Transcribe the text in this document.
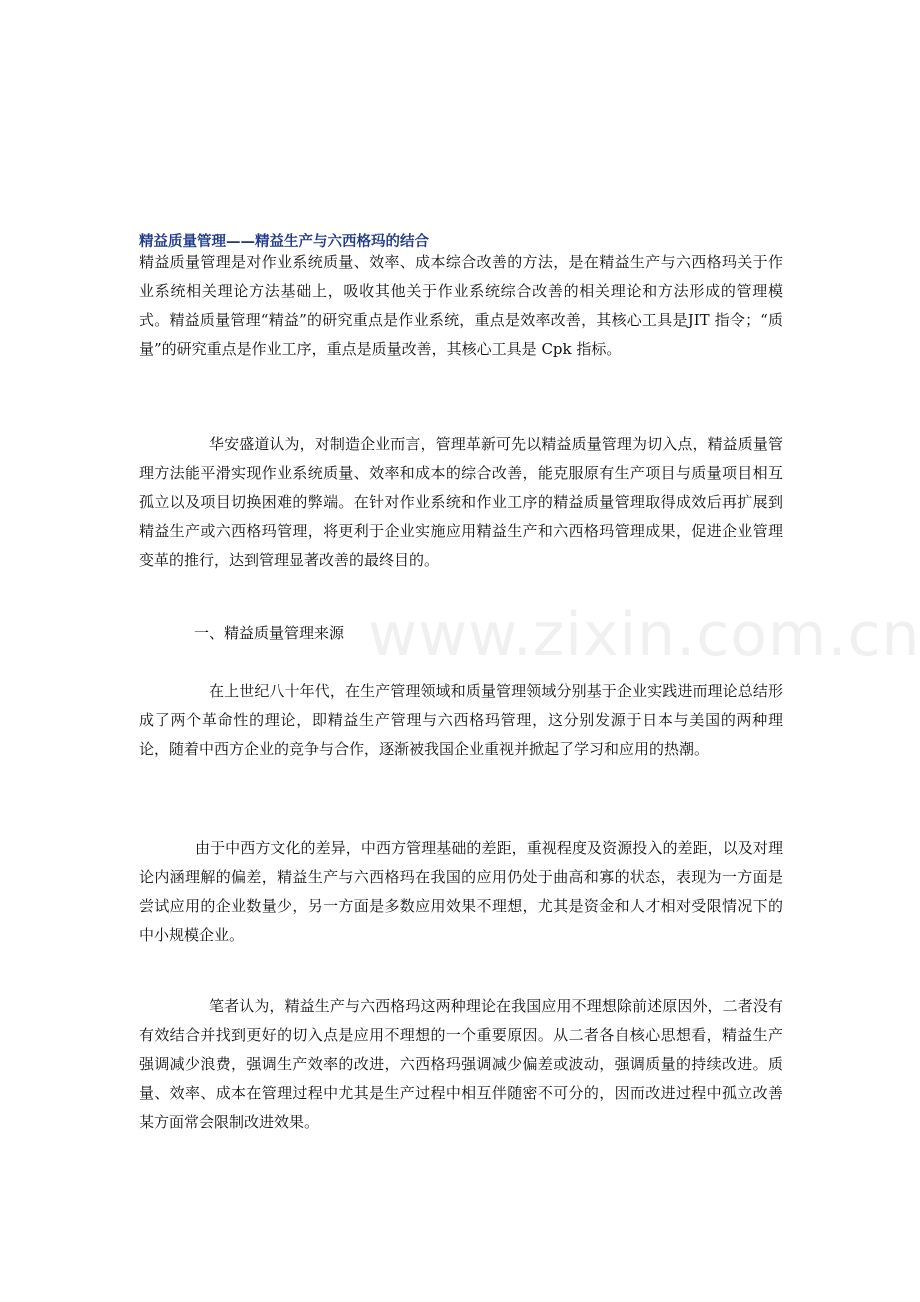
www.zixin.com.cn
精益质量管理——精益生产与六西格玛的结合

精益质量管理是对作业系统质量、效率、成本综合改善的方法，是在精益生产与六西格玛关于作业系统相关理论方法基础上，吸收其他关于作业系统综合改善的相关理论和方法形成的管理模式。精益质量管理“精益”的研究重点是作业系统，重点是效率改善，其核心工具是JIT 指令；“质量”的研究重点是作业工序，重点是质量改善，其核心工具是 Cpk 指标。

华安盛道认为，对制造企业而言，管理革新可先以精益质量管理为切入点，精益质量管理方法能平滑实现作业系统质量、效率和成本的综合改善，能克服原有生产项目与质量项目相互孤立以及项目切换困难的弊端。在针对作业系统和作业工序的精益质量管理取得成效后再扩展到精益生产或六西格玛管理，将更利于企业实施应用精益生产和六西格玛管理成果，促进企业管理变革的推行，达到管理显著改善的最终目的。

一、精益质量管理来源

在上世纪八十年代，在生产管理领域和质量管理领域分别基于企业实践进而理论总结形成了两个革命性的理论，即精益生产管理与六西格玛管理，这分别发源于日本与美国的两种理论，随着中西方企业的竞争与合作，逐渐被我国企业重视并掀起了学习和应用的热潮。

由于中西方文化的差异，中西方管理基础的差距，重视程度及资源投入的差距，以及对理论内涵理解的偏差，精益生产与六西格玛在我国的应用仍处于曲高和寡的状态，表现为一方面是尝试应用的企业数量少，另一方面是多数应用效果不理想，尤其是资金和人才相对受限情况下的中小规模企业。

笔者认为，精益生产与六西格玛这两种理论在我国应用不理想除前述原因外，二者没有有效结合并找到更好的切入点是应用不理想的一个重要原因。从二者各自核心思想看，精益生产强调减少浪费，强调生产效率的改进，六西格玛强调减少偏差或波动，强调质量的持续改进。质量、效率、成本在管理过程中尤其是生产过程中相互伴随密不可分的，因而改进过程中孤立改善某方面常会限制改进效果。
